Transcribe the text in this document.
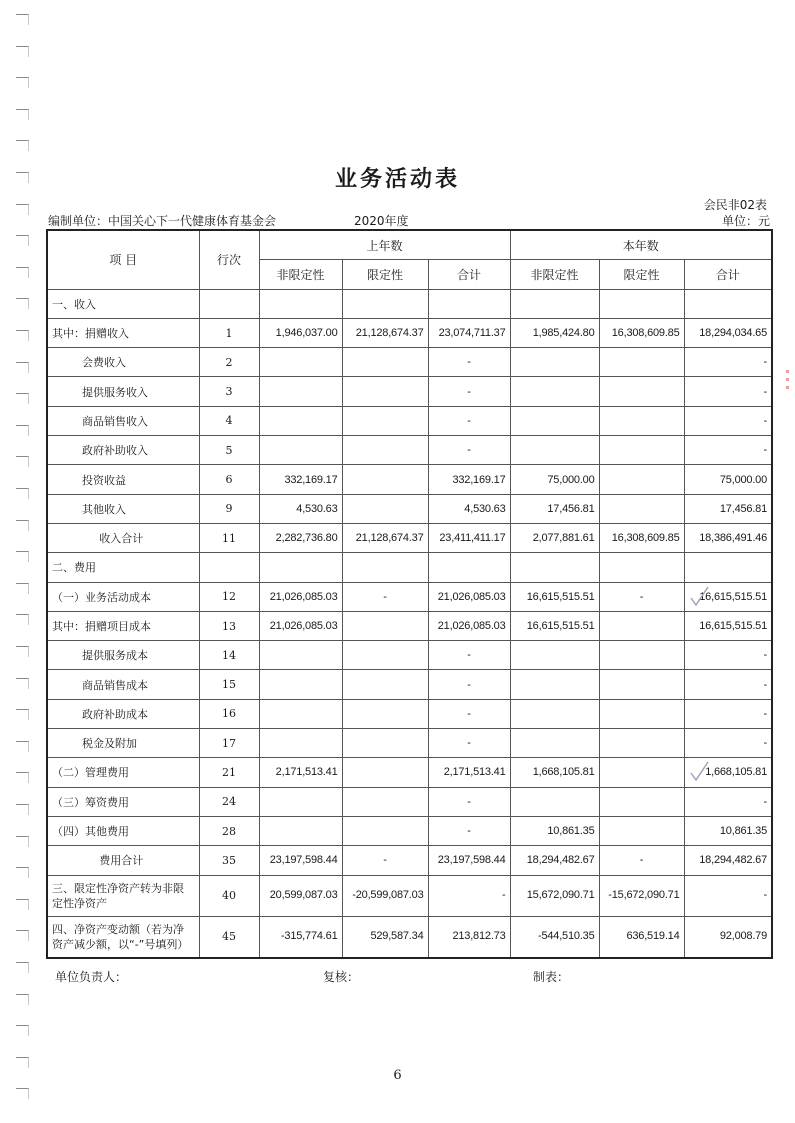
业务活动表
会民非02表
编制单位：中国关心下一代健康体育基金会	2020年度	单位：元
项 目	行次	上年数			本年数		
		非限定性	限定性	合计	非限定性	限定性	合计
一、收入							
其中：捐赠收入	1	1,946,037.00	21,128,674.37	23,074,711.37	1,985,424.80	16,308,609.85	18,294,034.65
会费收入	2			-			-
提供服务收入	3			-			-
商品销售收入	4			-			-
政府补助收入	5			-			-
投资收益	6	332,169.17		332,169.17	75,000.00		75,000.00
其他收入	9	4,530.63		4,530.63	17,456.81		17,456.81
收入合计	11	2,282,736.80	21,128,674.37	23,411,411.17	2,077,881.61	16,308,609.85	18,386,491.46
二、费用							
（一）业务活动成本	12	21,026,085.03	-	21,026,085.03	16,615,515.51	-	16,615,515.51
其中：捐赠项目成本	13	21,026,085.03		21,026,085.03	16,615,515.51		16,615,515.51
提供服务成本	14			-			-
商品销售成本	15			-			-
政府补助成本	16			-			-
税金及附加	17			-			-
（二）管理费用	21	2,171,513.41		2,171,513.41	1,668,105.81		1,668,105.81
（三）筹资费用	24			-			-
（四）其他费用	28			-	10,861.35		10,861.35
费用合计	35	23,197,598.44	-	23,197,598.44	18,294,482.67	-	18,294,482.67
三、限定性净资产转为非限定性净资产	40	20,599,087.03	-20,599,087.03	-	15,672,090.71	-15,672,090.71	-
四、净资产变动额（若为净资产减少额，以“-”号填列）	45	-315,774.61	529,587.34	213,812.73	-544,510.35	636,519.14	92,008.79
单位负责人：	复核：	制表：
6
